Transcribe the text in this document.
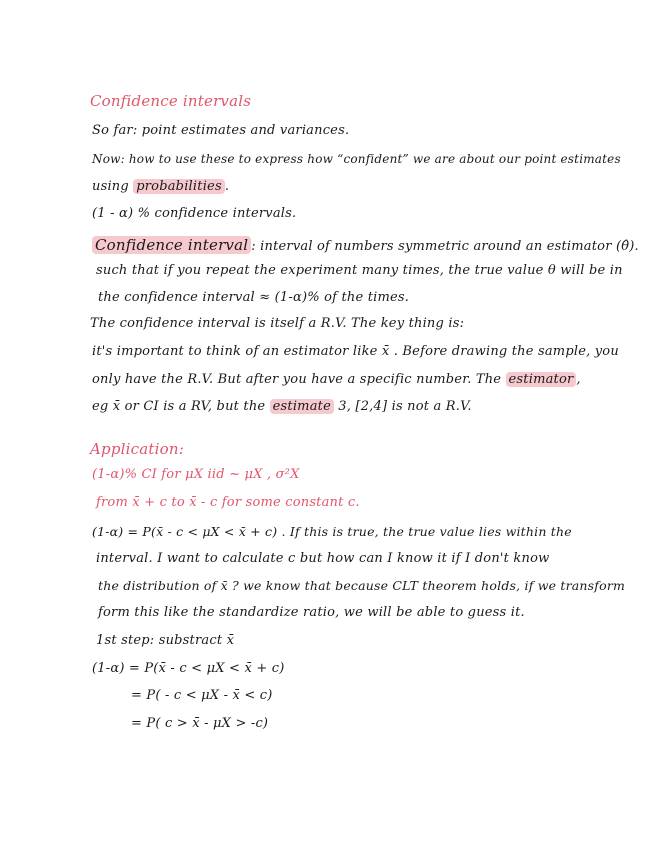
Confidence intervals
So far: point estimates and variances.
Now: how to use these to express how “confident” we are about our point estimates
using probabilities .
(1 - α) % confidence intervals.
Confidence interval : interval of numbers symmetric around an estimator (θ̂).
such that if you repeat the experiment many times, the true value θ will be in
the confidence interval ≈ (1-α)% of the times.
The confidence interval is itself a R.V. The key thing is:
it's important to think of an estimator like x̄ . Before drawing the sample, you
only have the R.V. But after you have a specific number. The estimator ,
eg x̄ or CI is a RV, but the estimate 3, [2,4] is not a R.V.
Application:
(1-α)% CI for μX iid ~ μX , σ²X
from x̄ + c to x̄ - c for some constant c.
(1-α) = P(x̄ - c < μX < x̄ + c) . If this is true, the true value lies within the
interval. I want to calculate c but how can I know it if I don't know
the distribution of x̄ ? we know that because CLT theorem holds, if we transform
form this like the standardize ratio, we will be able to guess it.
1st step: substract x̄
(1-α) = P(x̄ - c < μX < x̄ + c)
= P( - c < μX - x̄ < c)
= P( c > x̄ - μX > -c)
